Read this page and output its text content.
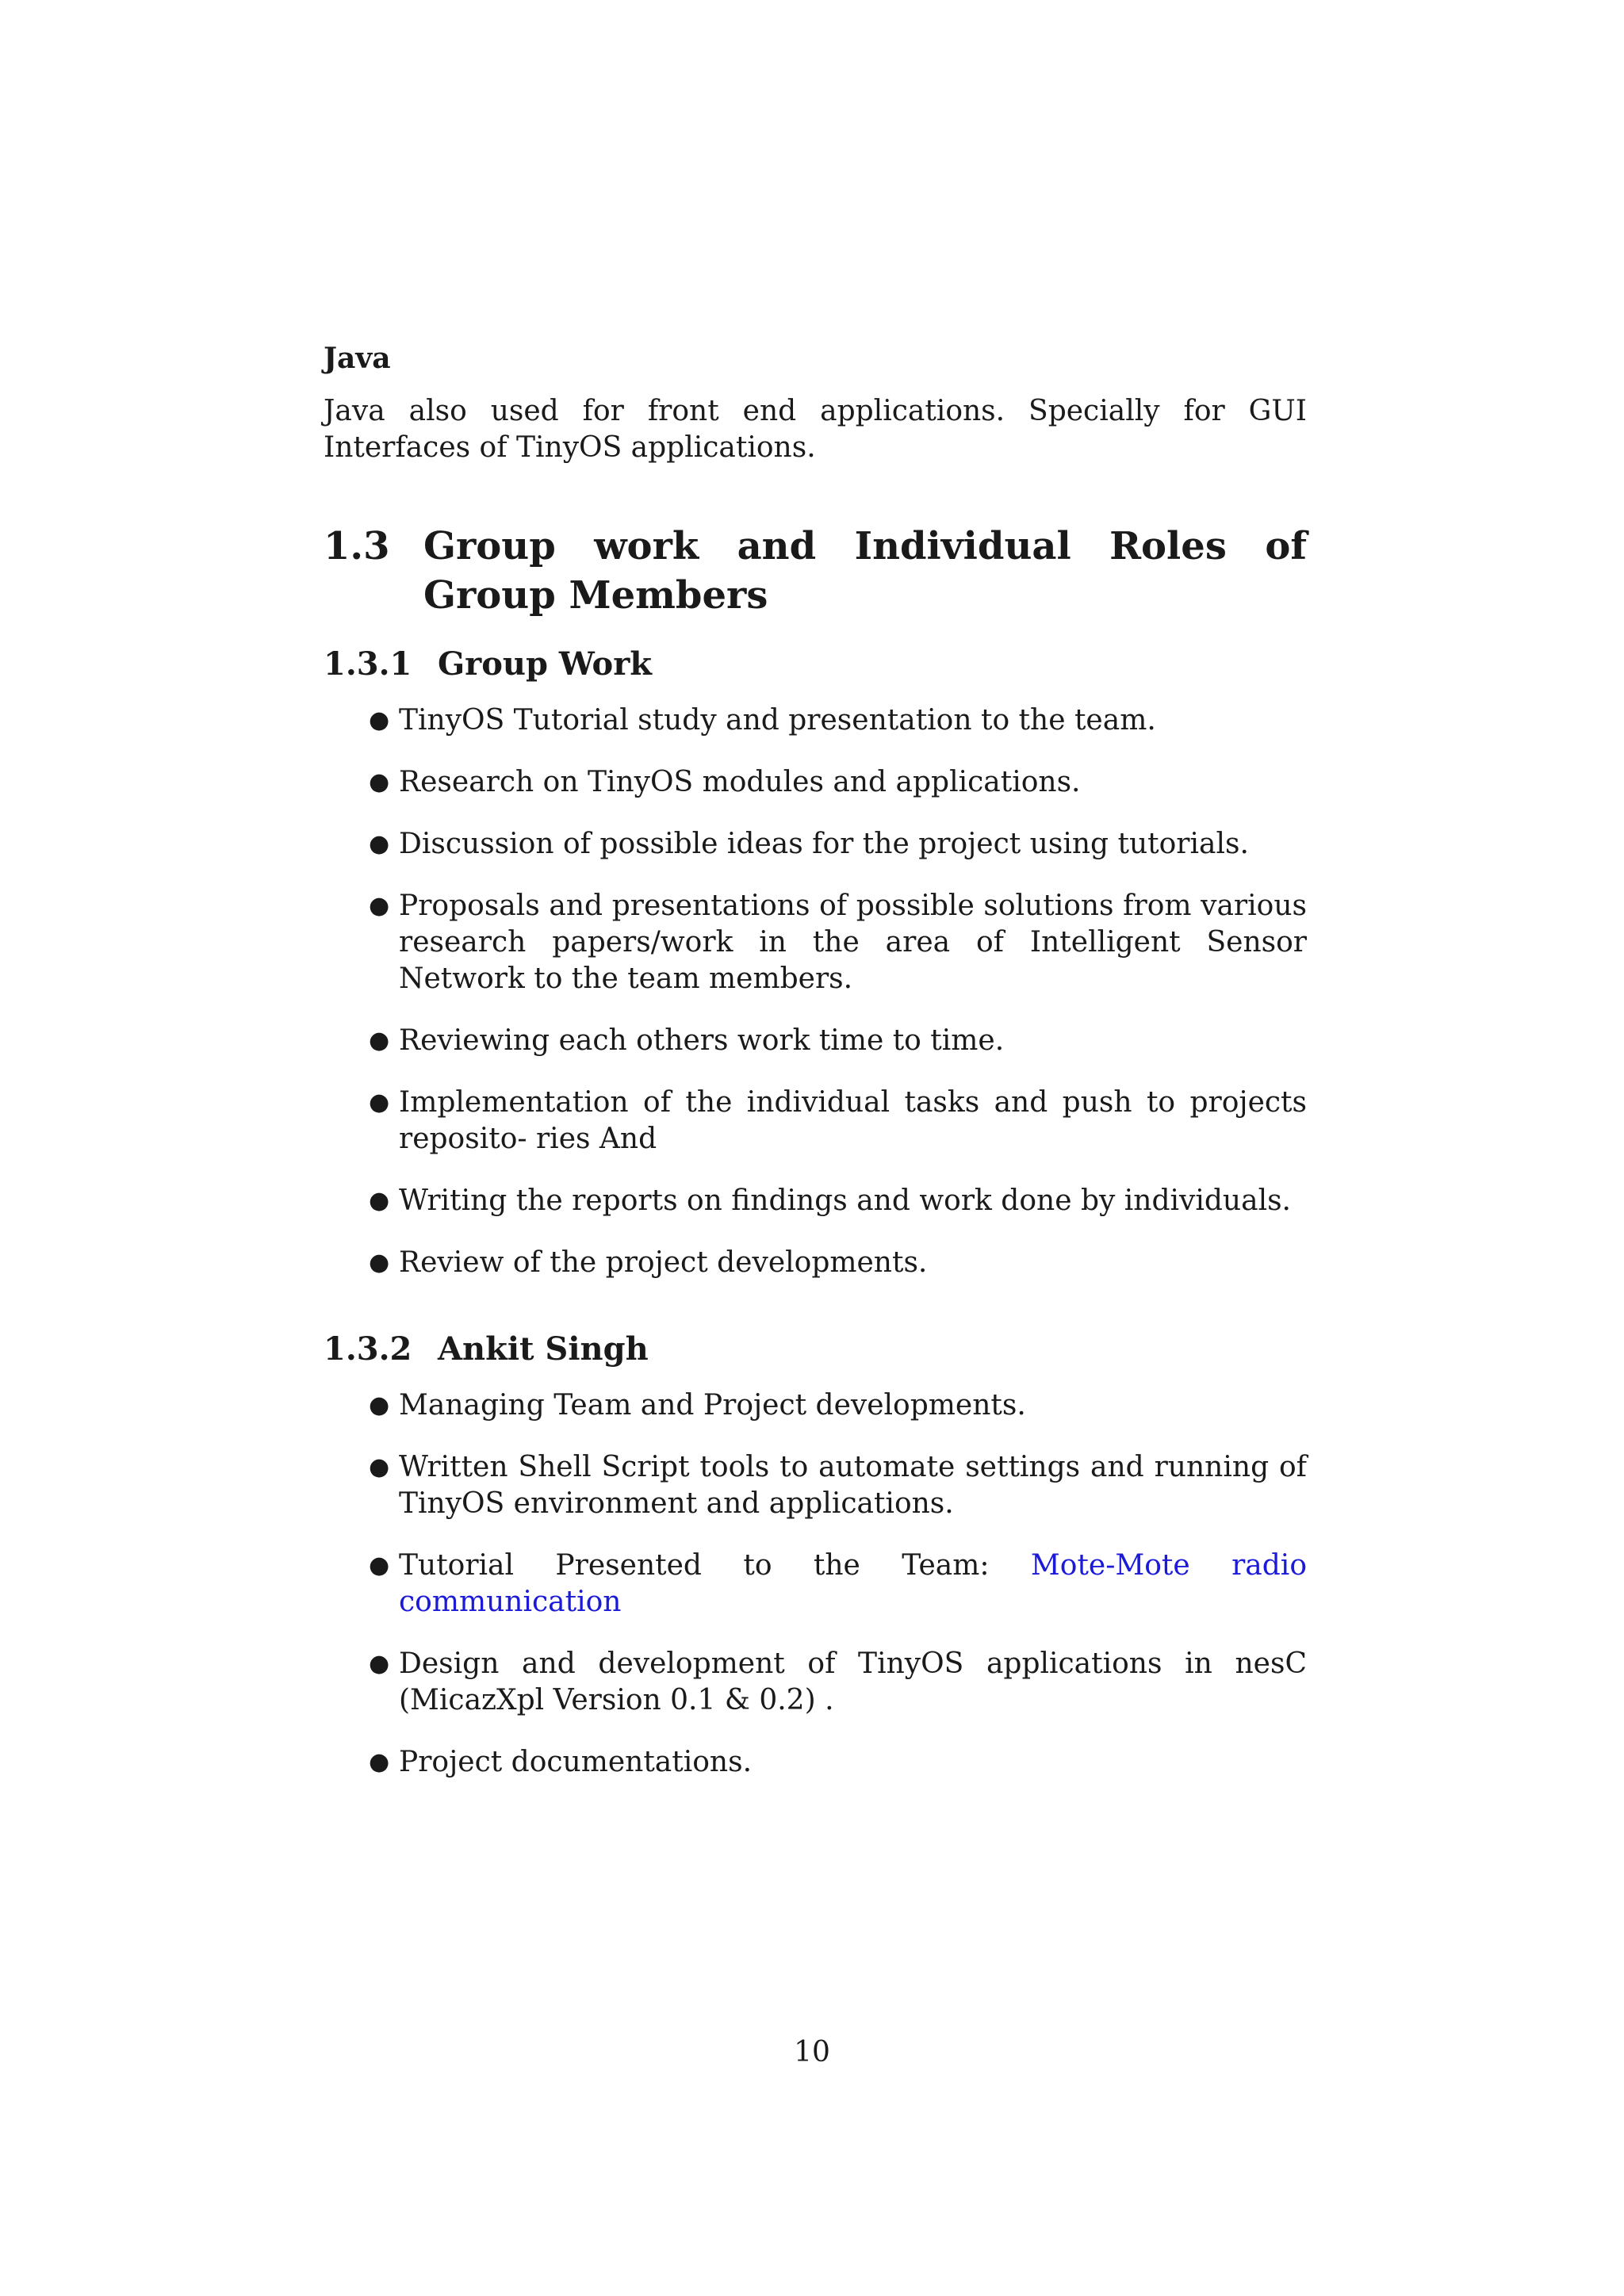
Java

Java also used for front end applications. Specially for GUI Interfaces of TinyOS applications.

1.3 Group work and Individual Roles of Group Members
1.3.1 Group Work
● TinyOS Tutorial study and presentation to the team.
● Research on TinyOS modules and applications.
● Discussion of possible ideas for the project using tutorials.
● Proposals and presentations of possible solutions from various research papers/work in the area of Intelligent Sensor Network to the team members.
● Reviewing each others work time to time.
● Implementation of the individual tasks and push to projects reposito- ries And
● Writing the reports on findings and work done by individuals.
● Review of the project developments.
1.3.2 Ankit Singh
● Managing Team and Project developments.
● Written Shell Script tools to automate settings and running of TinyOS environment and applications.
● Tutorial Presented to the Team: Mote-Mote radio communication
● Design and development of TinyOS applications in nesC (MicazXpl Version 0.1 & 0.2) .
● Project documentations.
10
